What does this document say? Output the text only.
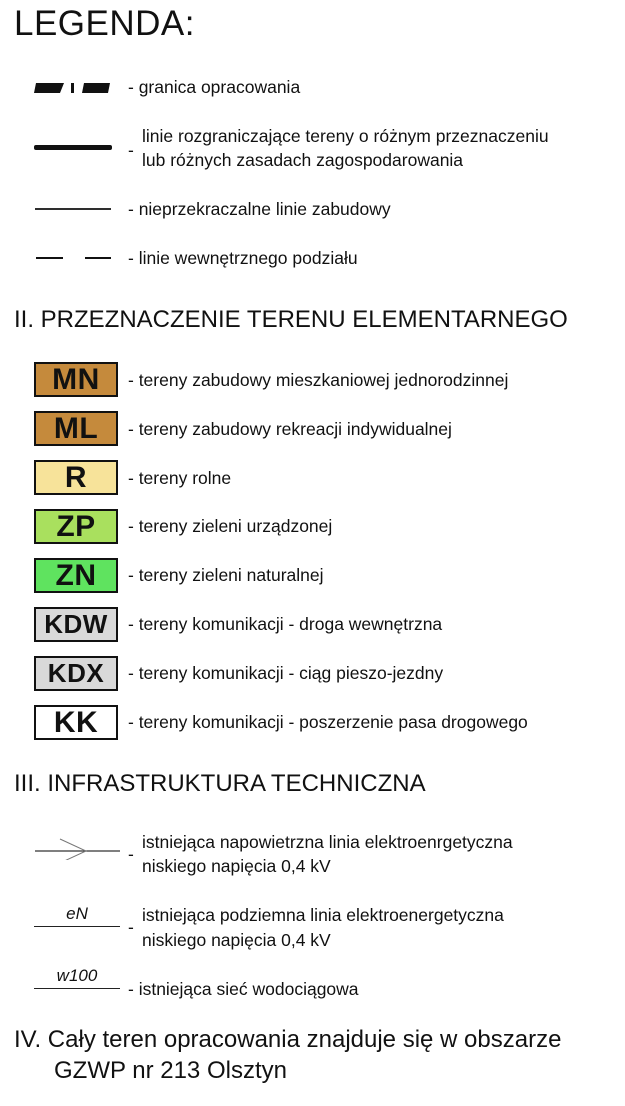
LEGENDA:
- granica opracowania
-
linie rozgraniczające tereny o różnym przeznaczeniu
lub różnych zasadach zagospodarowania
- nieprzekraczalne linie zabudowy
- linie wewnętrznego podziału
II. PRZEZNACZENIE TERENU ELEMENTARNEGO
MN	- tereny zabudowy mieszkaniowej jednorodzinnej
ML	- tereny zabudowy rekreacji indywidualnej
R	- tereny rolne
ZP	- tereny zieleni urządzonej
ZN	- tereny zieleni naturalnej
KDW	- tereny komunikacji - droga wewnętrzna
KDX	- tereny komunikacji - ciąg pieszo-jezdny
KK	- tereny komunikacji - poszerzenie pasa drogowego
III. INFRASTRUKTURA TECHNICZNA
-
istniejąca napowietrzna linia elektroenrgetyczna
niskiego napięcia 0,4 kV
eN
-
istniejąca podziemna linia elektroenergetyczna
niskiego napięcia 0,4 kV
w100
- istniejąca sieć wodociągowa
IV. Cały teren opracowania znajduje się w obszarze
GZWP nr 213 Olsztyn
